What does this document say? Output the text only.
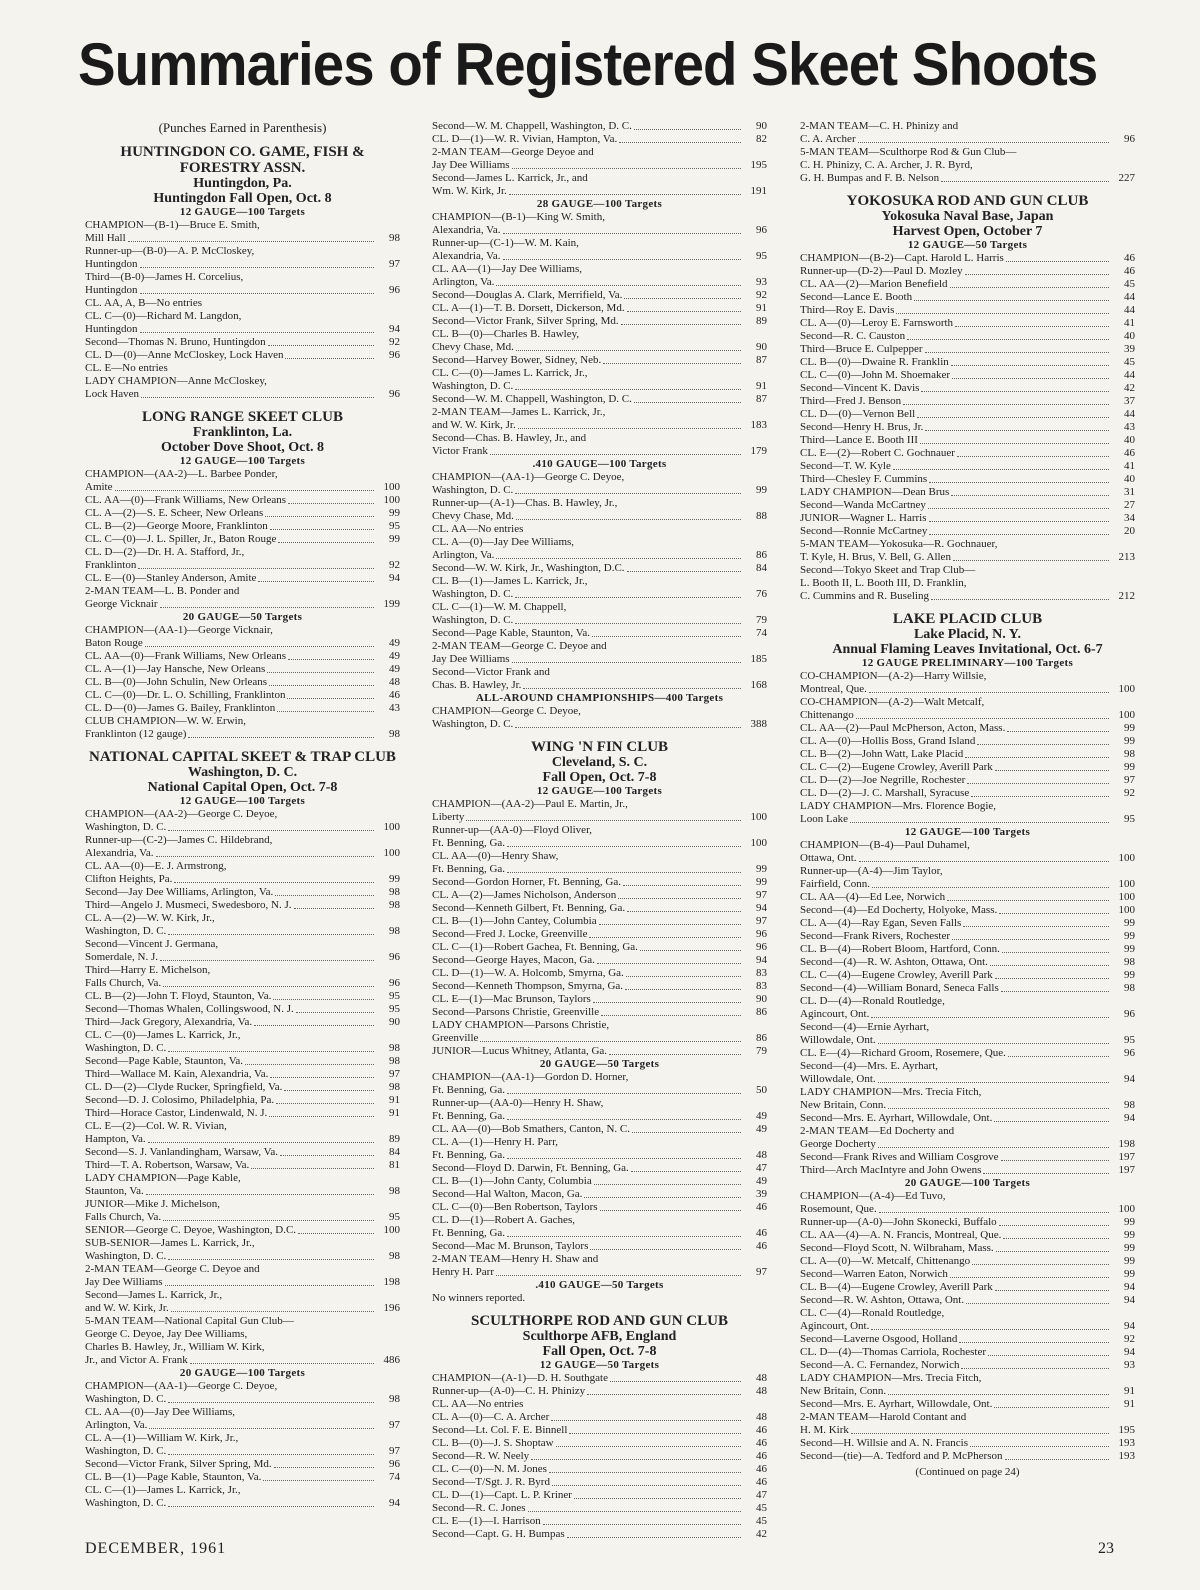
Summaries of Registered Skeet Shoots
(Punches Earned in Parenthesis)
HUNTINGDON CO. GAME, FISH & FORESTRY ASSN.
Huntingdon, Pa.
Huntingdon Fall Open, Oct. 8
12 GAUGE—100 Targets
CHAMPION—(B-1)—Bruce E. Smith,
Mill Hall	98
Runner-up—(B-0)—A. P. McCloskey,
Huntingdon	97
Third—(B-0)—James H. Corcelius,
Huntingdon	96
CL. AA, A, B—No entries
CL. C—(0)—Richard M. Langdon,
Huntingdon	94
Second—Thomas N. Bruno, Huntingdon	92
CL. D—(0)—Anne McCloskey, Lock Haven	96
CL. E—No entries
LADY CHAMPION—Anne McCloskey,
Lock Haven	96
LONG RANGE SKEET CLUB
Franklinton, La.
October Dove Shoot, Oct. 8
12 GAUGE—100 Targets
CHAMPION—(AA-2)—L. Barbee Ponder,
Amite	100
CL. AA—(0)—Frank Williams, New Orleans	100
CL. A—(2)—S. E. Scheer, New Orleans	99
CL. B—(2)—George Moore, Franklinton	95
CL. C—(0)—J. L. Spiller, Jr., Baton Rouge	99
CL. D—(2)—Dr. H. A. Stafford, Jr.,
Franklinton	92
CL. E—(0)—Stanley Anderson, Amite	94
2-MAN TEAM—L. B. Ponder and
George Vicknair	199
20 GAUGE—50 Targets
CHAMPION—(AA-1)—George Vicknair,
Baton Rouge	49
CL. AA—(0)—Frank Williams, New Orleans	49
CL. A—(1)—Jay Hansche, New Orleans	49
CL. B—(0)—John Schulin, New Orleans	48
CL. C—(0)—Dr. L. O. Schilling, Franklinton	46
CL. D—(0)—James G. Bailey, Franklinton	43
CLUB CHAMPION—W. W. Erwin,
Franklinton (12 gauge)	98
NATIONAL CAPITAL SKEET & TRAP CLUB
Washington, D. C.
National Capital Open, Oct. 7-8
12 GAUGE—100 Targets
CHAMPION—(AA-2)—George C. Deyoe,
Washington, D. C.	100
Runner-up—(C-2)—James C. Hildebrand,
Alexandria, Va.	100
CL. AA—(0)—E. J. Armstrong,
Clifton Heights, Pa.	99
Second—Jay Dee Williams, Arlington, Va.	98
Third—Angelo J. Musmeci, Swedesboro, N. J.	98
CL. A—(2)—W. W. Kirk, Jr.,
Washington, D. C.	98
Second—Vincent J. Germana,
Somerdale, N. J.	96
Third—Harry E. Michelson,
Falls Church, Va.	96
CL. B—(2)—John T. Floyd, Staunton, Va.	95
Second—Thomas Whalen, Collingswood, N. J.	95
Third—Jack Gregory, Alexandria, Va.	90
CL. C—(0)—James L. Karrick, Jr.,
Washington, D. C.	98
Second—Page Kable, Staunton, Va.	98
Third—Wallace M. Kain, Alexandria, Va.	97
CL. D—(2)—Clyde Rucker, Springfield, Va.	98
Second—D. J. Colosimo, Philadelphia, Pa.	91
Third—Horace Castor, Lindenwald, N. J.	91
CL. E—(2)—Col. W. R. Vivian,
Hampton, Va.	89
Second—S. J. Vanlandingham, Warsaw, Va.	84
Third—T. A. Robertson, Warsaw, Va.	81
LADY CHAMPION—Page Kable,
Staunton, Va.	98
JUNIOR—Mike J. Michelson,
Falls Church, Va.	95
SENIOR—George C. Deyoe, Washington, D.C.	100
SUB-SENIOR—James L. Karrick, Jr.,
Washington, D. C.	98
2-MAN TEAM—George C. Deyoe and
Jay Dee Williams	198
Second—James L. Karrick, Jr.,
and W. W. Kirk, Jr.	196
5-MAN TEAM—National Capital Gun Club—
George C. Deyoe, Jay Dee Williams,
Charles B. Hawley, Jr., William W. Kirk,
Jr., and Victor A. Frank	486
20 GAUGE—100 Targets
CHAMPION—(AA-1)—George C. Deyoe,
Washington, D. C.	98
CL. AA—(0)—Jay Dee Williams,
Arlington, Va.	97
CL. A—(1)—William W. Kirk, Jr.,
Washington, D. C.	97
Second—Victor Frank, Silver Spring, Md.	96
CL. B—(1)—Page Kable, Staunton, Va.	74
CL. C—(1)—James L. Karrick, Jr.,
Washington, D. C.	94
Second—W. M. Chappell, Washington, D. C.	90
CL. D—(1)—W. R. Vivian, Hampton, Va.	82
2-MAN TEAM—George Deyoe and
Jay Dee Williams	195
Second—James L. Karrick, Jr., and
Wm. W. Kirk, Jr.	191
28 GAUGE—100 Targets
CHAMPION—(B-1)—King W. Smith,
Alexandria, Va.	96
Runner-up—(C-1)—W. M. Kain,
Alexandria, Va.	95
CL. AA—(1)—Jay Dee Williams,
Arlington, Va.	93
Second—Douglas A. Clark, Merrifield, Va.	92
CL. A—(1)—T. B. Dorsett, Dickerson, Md.	91
Second—Victor Frank, Silver Spring, Md.	89
CL. B—(0)—Charles B. Hawley,
Chevy Chase, Md.	90
Second—Harvey Bower, Sidney, Neb.	87
CL. C—(0)—James L. Karrick, Jr.,
Washington, D. C.	91
Second—W. M. Chappell, Washington, D. C.	87
2-MAN TEAM—James L. Karrick, Jr.,
and W. W. Kirk, Jr.	183
Second—Chas. B. Hawley, Jr., and
Victor Frank	179
.410 GAUGE—100 Targets
CHAMPION—(AA-1)—George C. Deyoe,
Washington, D. C.	99
Runner-up—(A-1)—Chas. B. Hawley, Jr.,
Chevy Chase, Md.	88
CL. AA—No entries
CL. A—(0)—Jay Dee Williams,
Arlington, Va.	86
Second—W. W. Kirk, Jr., Washington, D.C.	84
CL. B—(1)—James L. Karrick, Jr.,
Washington, D. C.	76
CL. C—(1)—W. M. Chappell,
Washington, D. C.	79
Second—Page Kable, Staunton, Va.	74
2-MAN TEAM—George C. Deyoe and
Jay Dee Williams	185
Second—Victor Frank and
Chas. B. Hawley, Jr.	168
ALL-AROUND CHAMPIONSHIPS—400 Targets
CHAMPION—George C. Deyoe,
Washington, D. C.	388
WING 'N FIN CLUB
Cleveland, S. C.
Fall Open, Oct. 7-8
12 GAUGE—100 Targets
CHAMPION—(AA-2)—Paul E. Martin, Jr.,
Liberty	100
Runner-up—(AA-0)—Floyd Oliver,
Ft. Benning, Ga.	100
CL. AA—(0)—Henry Shaw,
Ft. Benning, Ga.	99
Second—Gordon Horner, Ft. Benning, Ga.	99
CL. A—(2)—James Nicholson, Anderson	97
Second—Kenneth Gilbert, Ft. Benning, Ga.	94
CL. B—(1)—John Cantey, Columbia	97
Second—Fred J. Locke, Greenville	96
CL. C—(1)—Robert Gachea, Ft. Benning, Ga.	96
Second—George Hayes, Macon, Ga.	94
CL. D—(1)—W. A. Holcomb, Smyrna, Ga.	83
Second—Kenneth Thompson, Smyrna, Ga.	83
CL. E—(1)—Mac Brunson, Taylors	90
Second—Parsons Christie, Greenville	86
LADY CHAMPION—Parsons Christie,
Greenville	86
JUNIOR—Lucus Whitney, Atlanta, Ga.	79
20 GAUGE—50 Targets
CHAMPION—(AA-1)—Gordon D. Horner,
Ft. Benning, Ga.	50
Runner-up—(AA-0)—Henry H. Shaw,
Ft. Benning, Ga.	49
CL. AA—(0)—Bob Smathers, Canton, N. C.	49
CL. A—(1)—Henry H. Parr,
Ft. Benning, Ga.	48
Second—Floyd D. Darwin, Ft. Benning, Ga.	47
CL. B—(1)—John Canty, Columbia	49
Second—Hal Walton, Macon, Ga.	39
CL. C—(0)—Ben Robertson, Taylors	46
CL. D—(1)—Robert A. Gaches,
Ft. Benning, Ga.	46
Second—Mac M. Brunson, Taylors	46
2-MAN TEAM—Henry H. Shaw and
Henry H. Parr	97
.410 GAUGE—50 Targets
No winners reported.
SCULTHORPE ROD AND GUN CLUB
Sculthorpe AFB, England
Fall Open, Oct. 7-8
12 GAUGE—50 Targets
CHAMPION—(A-1)—D. H. Southgate	48
Runner-up—(A-0)—C. H. Phinizy	48
CL. AA—No entries
CL. A—(0)—C. A. Archer	48
Second—Lt. Col. F. E. Binnell	46
CL. B—(0)—J. S. Shoptaw	46
Second—R. W. Neely	46
CL. C—(0)—N. M. Jones	46
Second—T/Sgt. J. R. Byrd	46
CL. D—(1)—Capt. L. P. Kriner	47
Second—R. C. Jones	45
CL. E—(1)—I. Harrison	45
Second—Capt. G. H. Bumpas	42
2-MAN TEAM—C. H. Phinizy and
C. A. Archer	96
5-MAN TEAM—Sculthorpe Rod & Gun Club—
C. H. Phinizy, C. A. Archer, J. R. Byrd,
G. H. Bumpas and F. B. Nelson	227
YOKOSUKA ROD AND GUN CLUB
Yokosuka Naval Base, Japan
Harvest Open, October 7
12 GAUGE—50 Targets
CHAMPION—(B-2)—Capt. Harold L. Harris	46
Runner-up—(D-2)—Paul D. Mozley	46
CL. AA—(2)—Marion Benefield	45
Second—Lance E. Booth	44
Third—Roy E. Davis	44
CL. A—(0)—Leroy E. Farnsworth	41
Second—R. C. Causton	40
Third—Bruce E. Culpepper	39
CL. B—(0)—Dwaine R. Franklin	45
CL. C—(0)—John M. Shoemaker	44
Second—Vincent K. Davis	42
Third—Fred J. Benson	37
CL. D—(0)—Vernon Bell	44
Second—Henry H. Brus, Jr.	43
Third—Lance E. Booth III	40
CL. E—(2)—Robert C. Gochnauer	46
Second—T. W. Kyle	41
Third—Chesley F. Cummins	40
LADY CHAMPION—Dean Brus	31
Second—Wanda McCartney	27
JUNIOR—Wagner L. Harris	34
Second—Ronnie McCartney	20
5-MAN TEAM—Yokosuka—R. Gochnauer,
T. Kyle, H. Brus, V. Bell, G. Allen	213
Second—Tokyo Skeet and Trap Club—
L. Booth II, L. Booth III, D. Franklin,
C. Cummins and R. Buseling	212
LAKE PLACID CLUB
Lake Placid, N. Y.
Annual Flaming Leaves Invitational, Oct. 6-7
12 GAUGE PRELIMINARY—100 Targets
CO-CHAMPION—(A-2)—Harry Willsie,
Montreal, Que.	100
CO-CHAMPION—(A-2)—Walt Metcalf,
Chittenango	100
CL. AA—(2)—Paul McPherson, Acton, Mass.	99
CL. A—(0)—Hollis Boss, Grand Island	99
CL. B—(2)—John Watt, Lake Placid	98
CL. C—(2)—Eugene Crowley, Averill Park	99
CL. D—(2)—Joe Negrille, Rochester	97
CL. D—(2)—J. C. Marshall, Syracuse	92
LADY CHAMPION—Mrs. Florence Bogie,
Loon Lake	95
12 GAUGE—100 Targets
CHAMPION—(B-4)—Paul Duhamel,
Ottawa, Ont.	100
Runner-up—(A-4)—Jim Taylor,
Fairfield, Conn.	100
CL. AA—(4)—Ed Lee, Norwich	100
Second—(4)—Ed Docherty, Holyoke, Mass.	100
CL. A—(4)—Ray Egan, Seven Falls	99
Second—Frank Rivers, Rochester	99
CL. B—(4)—Robert Bloom, Hartford, Conn.	99
Second—(4)—R. W. Ashton, Ottawa, Ont.	98
CL. C—(4)—Eugene Crowley, Averill Park	99
Second—(4)—William Bonard, Seneca Falls	98
CL. D—(4)—Ronald Routledge,
Agincourt, Ont.	96
Second—(4)—Ernie Ayrhart,
Willowdale, Ont.	95
CL. E—(4)—Richard Groom, Rosemere, Que.	96
Second—(4)—Mrs. E. Ayrhart,
Willowdale, Ont.	94
LADY CHAMPION—Mrs. Trecia Fitch,
New Britain, Conn.	98
Second—Mrs. E. Ayrhart, Willowdale, Ont.	94
2-MAN TEAM—Ed Docherty and
George Docherty	198
Second—Frank Rives and William Cosgrove	197
Third—Arch MacIntyre and John Owens	197
20 GAUGE—100 Targets
CHAMPION—(A-4)—Ed Tuvo,
Rosemount, Que.	100
Runner-up—(A-0)—John Skonecki, Buffalo	99
CL. AA—(4)—A. N. Francis, Montreal, Que.	99
Second—Floyd Scott, N. Wilbraham, Mass.	99
CL. A—(0)—W. Metcalf, Chittenango	99
Second—Warren Eaton, Norwich	99
CL. B—(4)—Eugene Crowley, Averill Park	94
Second—R. W. Ashton, Ottawa, Ont.	94
CL. C—(4)—Ronald Routledge,
Agincourt, Ont.	94
Second—Laverne Osgood, Holland	92
CL. D—(4)—Thomas Carriola, Rochester	94
Second—A. C. Fernandez, Norwich	93
LADY CHAMPION—Mrs. Trecia Fitch,
New Britain, Conn.	91
Second—Mrs. E. Ayrhart, Willowdale, Ont.	91
2-MAN TEAM—Harold Contant and
H. M. Kirk	195
Second—H. Willsie and A. N. Francis	193
Second—(tie)—A. Tedford and P. McPherson	193
(Continued on page 24)
DECEMBER, 1961	23
